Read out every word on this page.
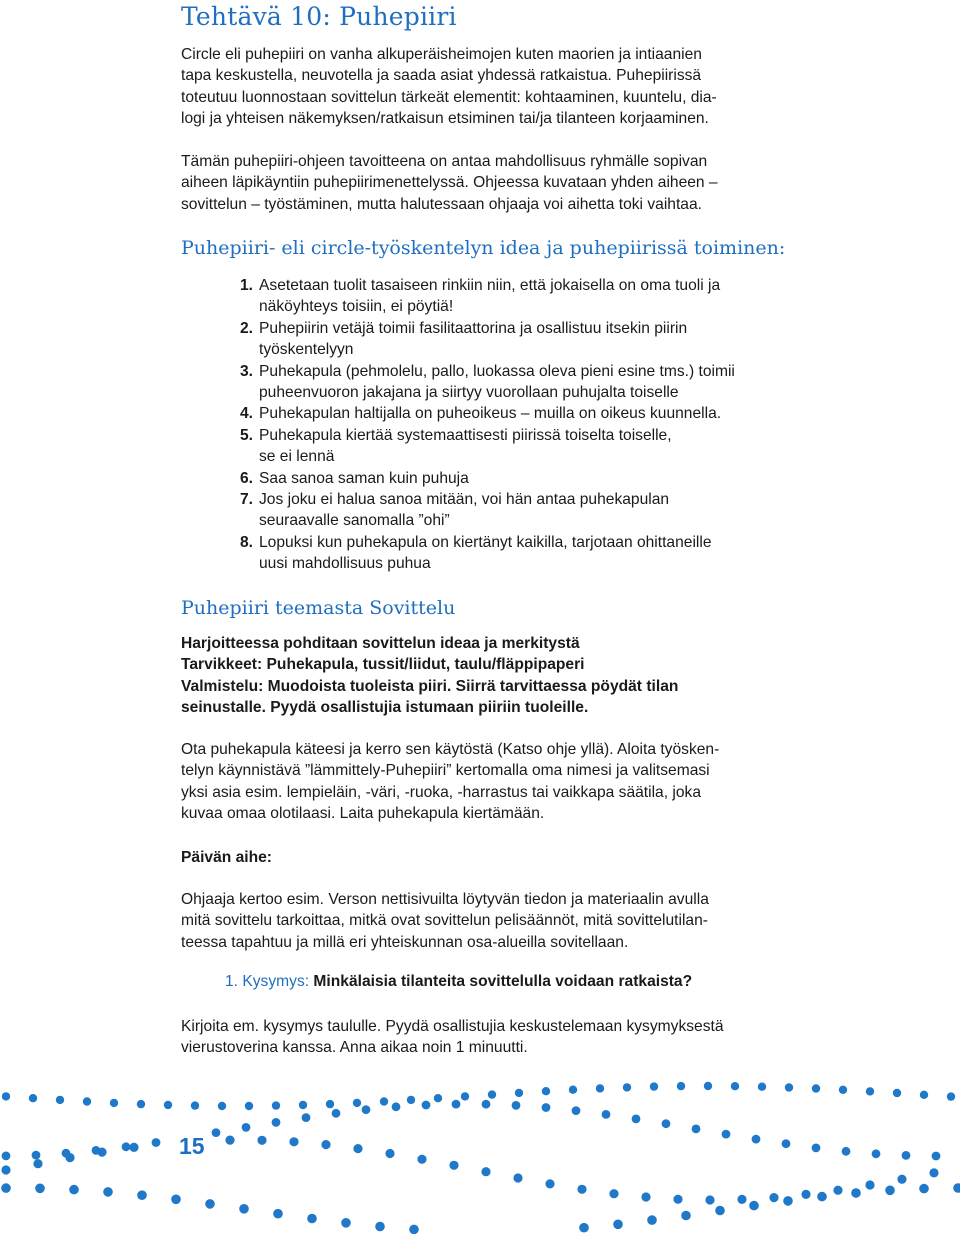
Tehtävä 10: Puhepiiri

Circle eli puhepiiri on vanha alkuperäisheimojen kuten maorien ja intiaanien
tapa keskustella, neuvotella ja saada asiat yhdessä ratkaistua. Puhepiirissä
toteutuu luonnostaan sovittelun tärkeät elementit: kohtaaminen, kuuntelu, dia-
logi ja yhteisen näkemyksen/ratkaisun etsiminen tai/ja tilanteen korjaaminen.

Tämän puhepiiri-ohjeen tavoitteena on antaa mahdollisuus ryhmälle sopivan
aiheen läpikäyntiin puhepiirimenettelyssä. Ohjeessa kuvataan yhden aiheen –
sovittelun – työstäminen, mutta halutessaan ohjaaja voi aihetta toki vaihtaa.

Puhepiiri- eli circle-työskentelyn idea ja puhepiirissä toiminen:
1. Asetetaan tuolit tasaiseen rinkiin niin, että jokaisella on oma tuoli ja
näköyhteys toisiin, ei pöytiä!
2. Puhepiirin vetäjä toimii fasilitaattorina ja osallistuu itsekin piirin
työskentelyyn
3. Puhekapula (pehmolelu, pallo, luokassa oleva pieni esine tms.) toimii
puheenvuoron jakajana ja siirtyy vuorollaan puhujalta toiselle
4. Puhekapulan haltijalla on puheoikeus – muilla on oikeus kuunnella.
5. Puhekapula kiertää systemaattisesti piirissä toiselta toiselle,
se ei lennä
6. Saa sanoa saman kuin puhuja
7. Jos joku ei halua sanoa mitään, voi hän antaa puhekapulan
seuraavalle sanomalla ”ohi”
8. Lopuksi kun puhekapula on kiertänyt kaikilla, tarjotaan ohittaneille
uusi mahdollisuus puhua
Puhepiiri teemasta Sovittelu

Harjoitteessa pohditaan sovittelun ideaa ja merkitystä
Tarvikkeet: Puhekapula, tussit/liidut, taulu/fläppipaperi
Valmistelu: Muodoista tuoleista piiri. Siirrä tarvittaessa pöydät tilan
seinustalle. Pyydä osallistujia istumaan piiriin tuoleille.

Ota puhekapula käteesi ja kerro sen käytöstä (Katso ohje yllä). Aloita työsken-
telyn käynnistävä ”lämmittely-Puhepiiri” kertomalla oma nimesi ja valitsemasi
yksi asia esim. lempieläin, -väri, -ruoka, -harrastus tai vaikkapa säätila, joka
kuvaa omaa olotilaasi. Laita puhekapula kiertämään.

Päivän aihe:

Ohjaaja kertoo esim. Verson nettisivuilta löytyvän tiedon ja materiaalin avulla
mitä sovittelu tarkoittaa, mitkä ovat sovittelun pelisäännöt, mitä sovittelutilan-
teessa tapahtuu ja millä eri yhteiskunnan osa-alueilla sovitellaan.

1. Kysymys: Minkälaisia tilanteita sovittelulla voidaan ratkaista?

Kirjoita em. kysymys taululle. Pyydä osallistujia keskustelemaan kysymyksestä
vierustoverina kanssa. Anna aikaa noin 1 minuutti.

15
